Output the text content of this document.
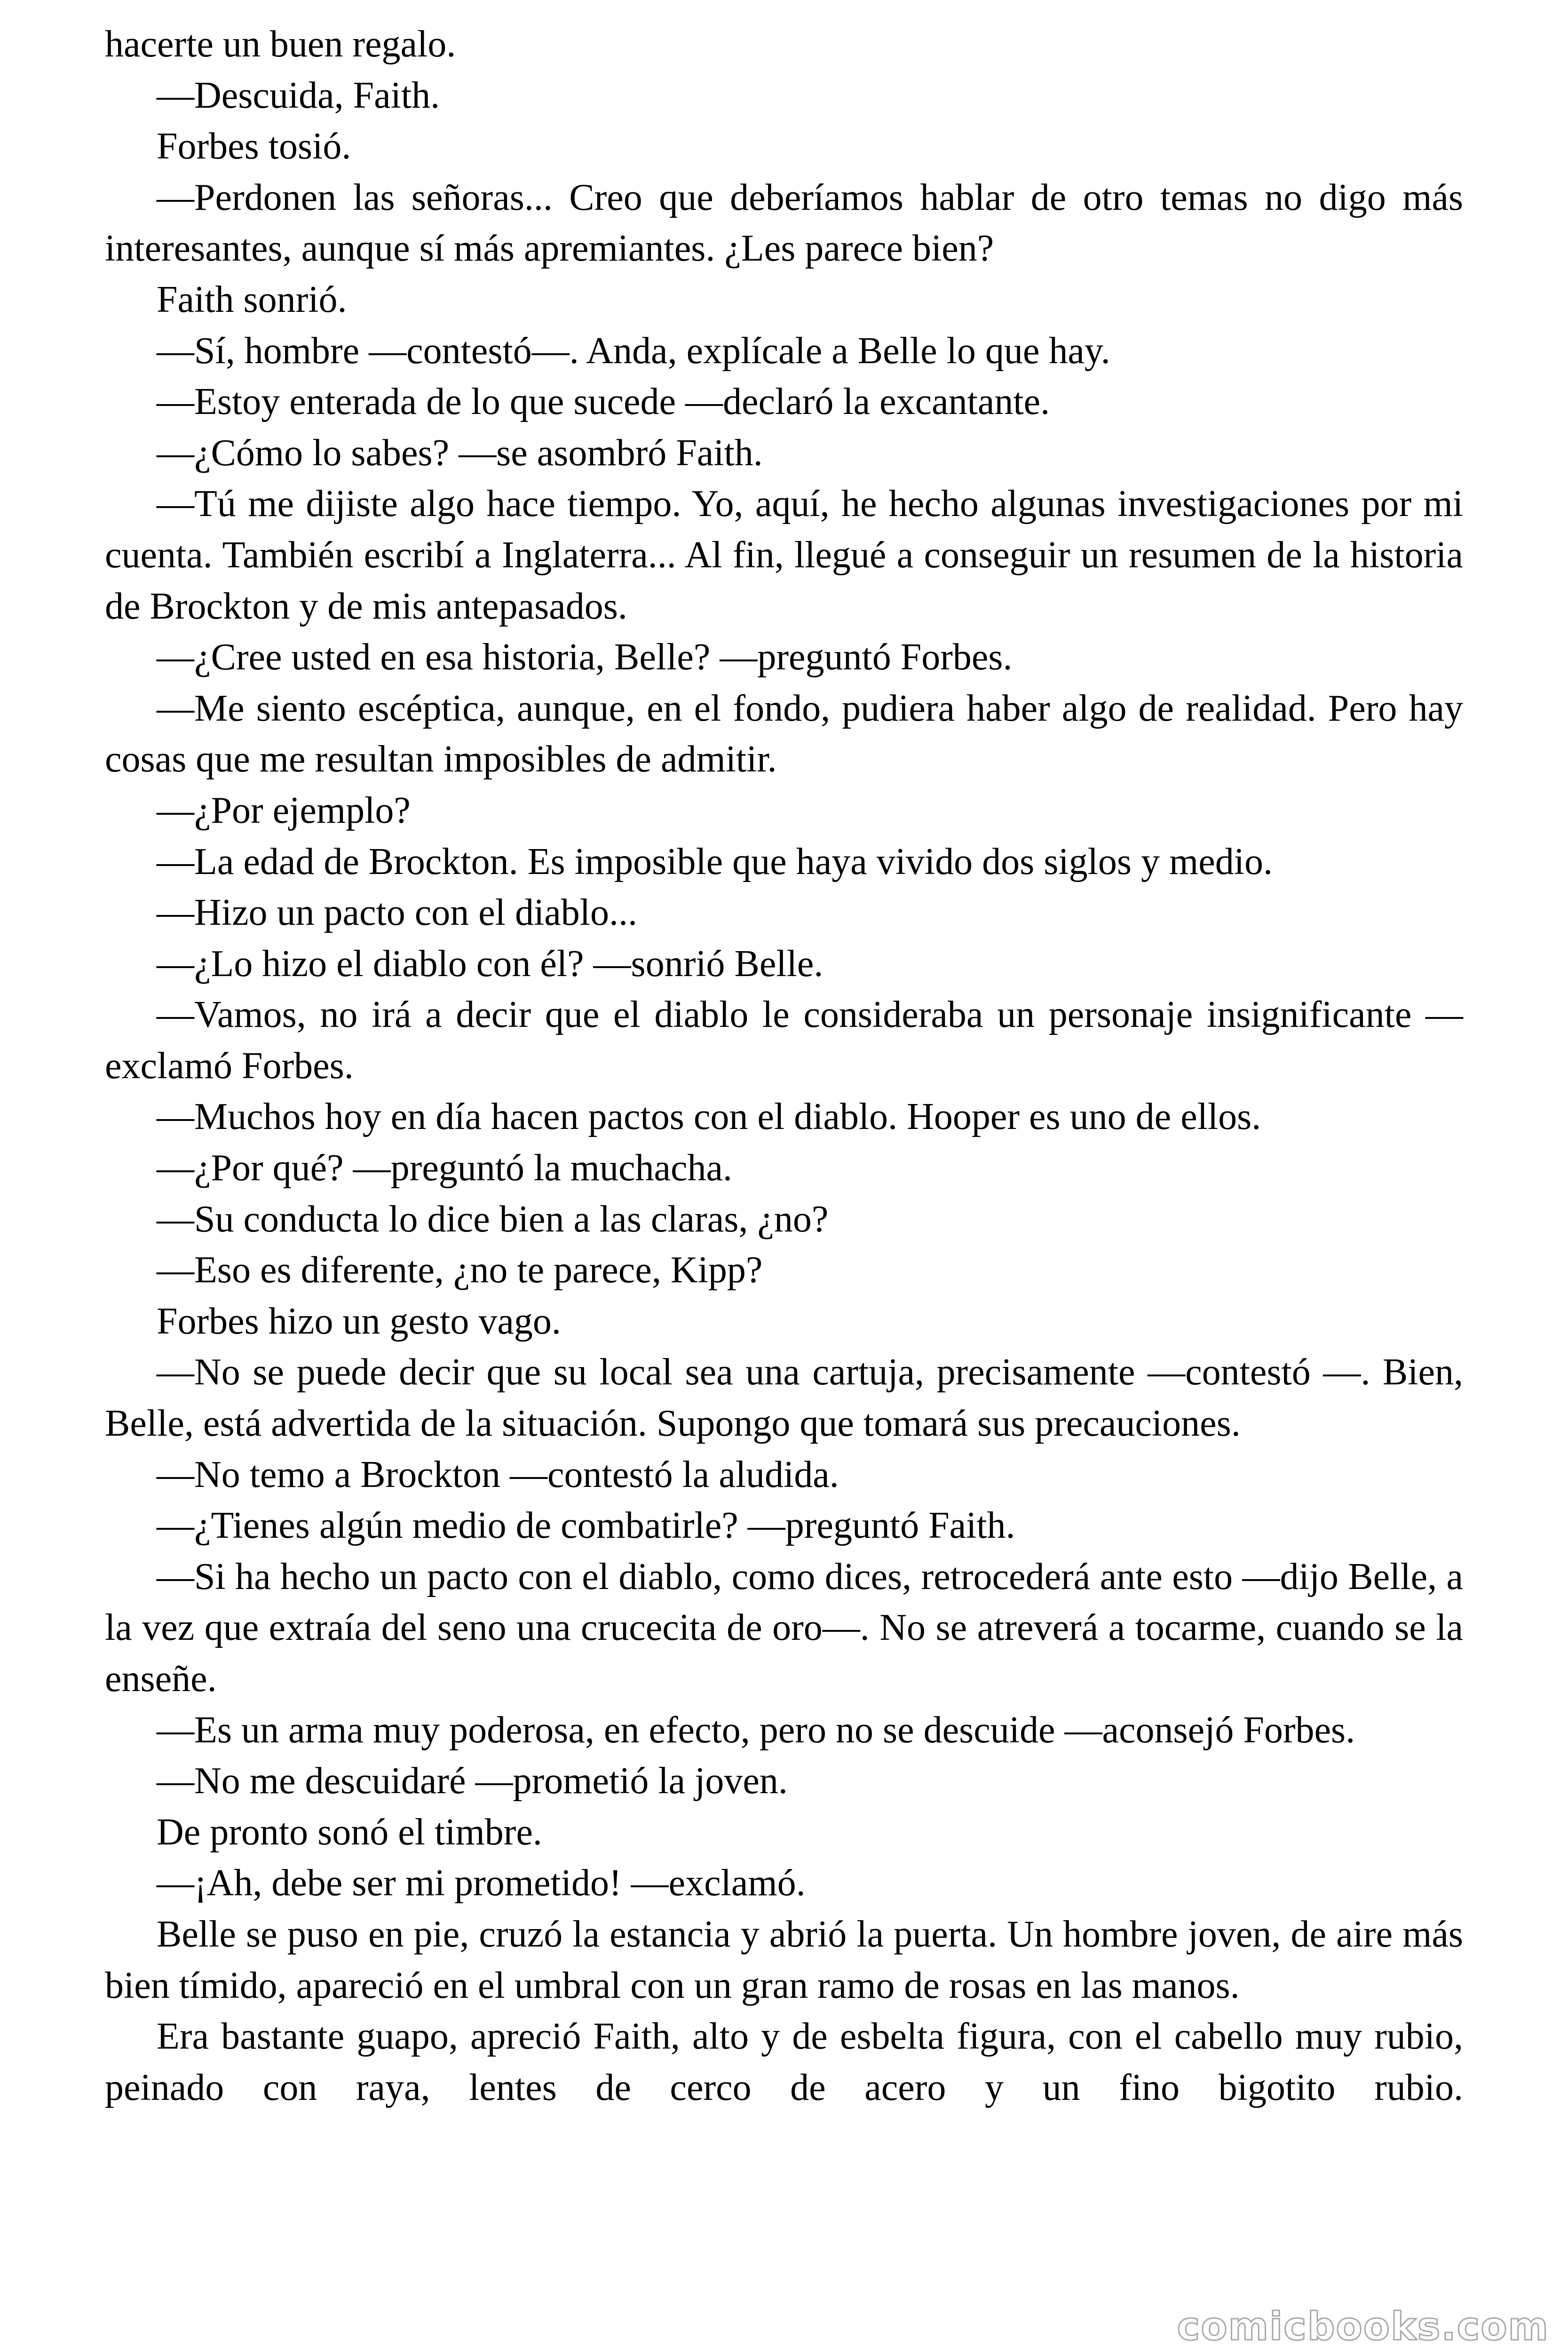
hacerte un buen regalo.

—Descuida, Faith.

Forbes tosió.

—Perdonen las señoras... Creo que deberíamos hablar de otro temas no digo más interesantes, aunque sí más apremiantes. ¿Les parece bien?

Faith sonrió.

—Sí, hombre —contestó—. Anda, explícale a Belle lo que hay.

—Estoy enterada de lo que sucede —declaró la excantante.

—¿Cómo lo sabes? —se asombró Faith.

—Tú me dijiste algo hace tiempo. Yo, aquí, he hecho algunas investigaciones por mi cuenta. También escribí a Inglaterra... Al fin, llegué a conseguir un resumen de la historia de Brockton y de mis antepasados.

—¿Cree usted en esa historia, Belle? —preguntó Forbes.

—Me siento escéptica, aunque, en el fondo, pudiera haber algo de realidad. Pero hay cosas que me resultan imposibles de admitir.

—¿Por ejemplo?

—La edad de Brockton. Es imposible que haya vivido dos siglos y medio.

—Hizo un pacto con el diablo...

—¿Lo hizo el diablo con él? —sonrió Belle.

—Vamos, no irá a decir que el diablo le consideraba un personaje insignificante —exclamó Forbes.

—Muchos hoy en día hacen pactos con el diablo. Hooper es uno de ellos.

—¿Por qué? —preguntó la muchacha.

—Su conducta lo dice bien a las claras, ¿no?

—Eso es diferente, ¿no te parece, Kipp?

Forbes hizo un gesto vago.

—No se puede decir que su local sea una cartuja, precisamente —contestó —. Bien, Belle, está advertida de la situación. Supongo que tomará sus precauciones.

—No temo a Brockton —contestó la aludida.

—¿Tienes algún medio de combatirle? —preguntó Faith.

—Si ha hecho un pacto con el diablo, como dices, retrocederá ante esto —dijo Belle, a la vez que extraía del seno una crucecita de oro—. No se atreverá a tocarme, cuando se la enseñe.

—Es un arma muy poderosa, en efecto, pero no se descuide —aconsejó Forbes.

—No me descuidaré —prometió la joven.

De pronto sonó el timbre.

—¡Ah, debe ser mi prometido! —exclamó.

Belle se puso en pie, cruzó la estancia y abrió la puerta. Un hombre joven, de aire más bien tímido, apareció en el umbral con un gran ramo de rosas en las manos.

Era bastante guapo, apreció Faith, alto y de esbelta figura, con el cabello muy rubio, peinado con raya, lentes de cerco de acero y un fino bigotito rubio.

comicbooks.com
